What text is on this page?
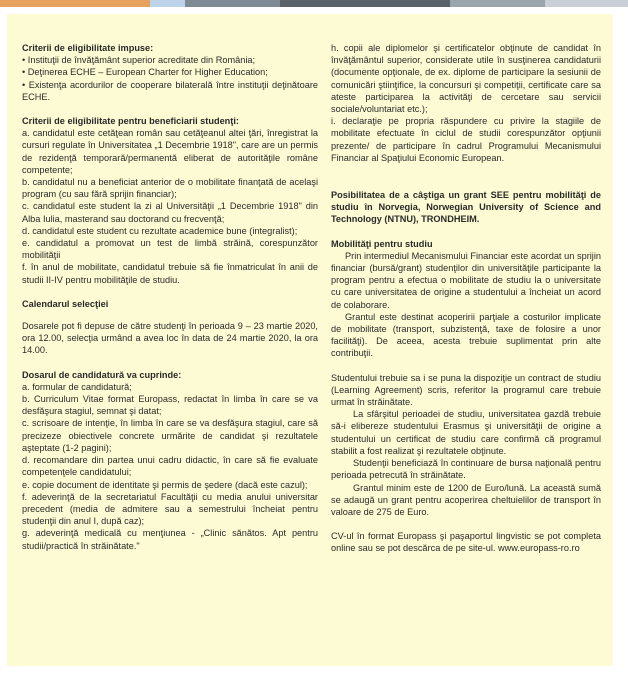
Criterii de eligibilitate impuse:

• Instituţii de învăţământ superior acreditate din România;

• Deţinerea ECHE – European Charter for Higher Education;

• Existenţa acordurilor de cooperare bilaterală între instituţii deţinătoare ECHE.

Criterii de eligibilitate pentru beneficiarii studenţi:

a. candidatul este cetăţean român sau cetăţeanul altei ţări, înregistrat la cursuri regulate în Universitatea „1 Decembrie 1918", care are un permis de rezidenţă temporară/permanentă eliberat de autorităţile române competente;

b. candidatul nu a beneficiat anterior de o mobilitate finanţată de acelaşi program (cu sau fără sprijin financiar);

c. candidatul este student la zi al Universităţii „1 Decembrie 1918" din Alba Iulia, masterand sau doctorand cu frecvenţă;

d. candidatul este student cu rezultate academice bune (integralist);

e. candidatul a promovat un test de limbă străină, corespunzător mobilităţii

f. în anul de mobilitate, candidatul trebuie să fie înmatriculat în anii de studii II-IV pentru mobilităţile de studiu.

Calendarul selecţiei

Dosarele pot fi depuse de către studenţi în perioada 9 – 23 martie 2020, ora 12.00, selecţia urmând a avea loc în data de 24 martie 2020, la ora 14.00.

Dosarul de candidatură va cuprinde:

a. formular de candidatură;

b. Curriculum Vitae format Europass, redactat în limba în care se va desfăşura stagiul, semnat şi datat;

c. scrisoare de intenţie, în limba în care se va desfăşura stagiul, care să precizeze obiectivele concrete urmărite de candidat şi rezultatele aşteptate (1-2 pagini);

d. recomandare din partea unui cadru didactic, în care să fie evaluate competenţele candidatului;

e. copie document de identitate şi permis de şedere (dacă este cazul);

f. adeverinţă de la secretariatul Facultăţii cu media anului universitar precedent (media de admitere sau a semestrului încheiat pentru studenţii din anul I, după caz);

g. adeverinţă medicală cu menţiunea - „Clinic sănătos. Apt pentru studii/practică în străinătate."

h. copii ale diplomelor şi certificatelor obţinute de candidat în învăţământul superior, considerate utile în susţinerea candidaturii (documente opţionale, de ex. diplome de participare la sesiunii de comunicări ştiinţifice, la concursuri şi competiţii, certificate care sa ateste participarea la activităţi de cercetare sau servicii sociale/voluntariat etc.);

i. declaraţie pe propria răspundere cu privire la stagiile de mobilitate efectuate în ciclul de studii corespunzător opţiunii prezente/ de participare în cadrul Programului Mecanismului Financiar al Spaţiului Economic European.

Posibilitatea de a câştiga un grant SEE pentru mobilităţi de studiu în Norvegia, Norwegian University of Science and Technology (NTNU), TRONDHEIM.

Mobilităţi pentru studiu

Prin intermediul Mecanismului Financiar este acordat un sprijin financiar (bursă/grant) studenţilor din universităţile participante la program pentru a efectua o mobilitate de studiu la o universitate cu care universitatea de origine a studentului a încheiat un acord de colaborare.

Grantul este destinat acoperirii parţiale a costurilor implicate de mobilitate (transport, subzistenţă, taxe de folosire a unor facilităţi). De aceea, acesta trebuie suplimentat prin alte contribuţii.

Studentului trebuie sa i se puna la dispoziţie un contract de studiu (Learning Agreement) scris, referitor la programul care trebuie urmat în străinătate.

La sfârşitul perioadei de studiu, universitatea gazdă trebuie să-i elibereze studentului Erasmus şi universităţii de origine a studentului un certificat de studiu care confirmă că programul stabilit a fost realizat şi rezultatele obţinute.

Studenţii beneficiază în continuare de bursa naţională pentru perioada petrecută în străinătate.

Grantul minim este de 1200 de Euro/lună. La această sumă se adaugă un grant pentru acoperirea cheltuielilor de transport în valoare de 275 de Euro.

CV-ul în format Europass şi paşaportul lingvistic se pot completa online sau se pot descărca de pe site-ul. www.europass-ro.ro
